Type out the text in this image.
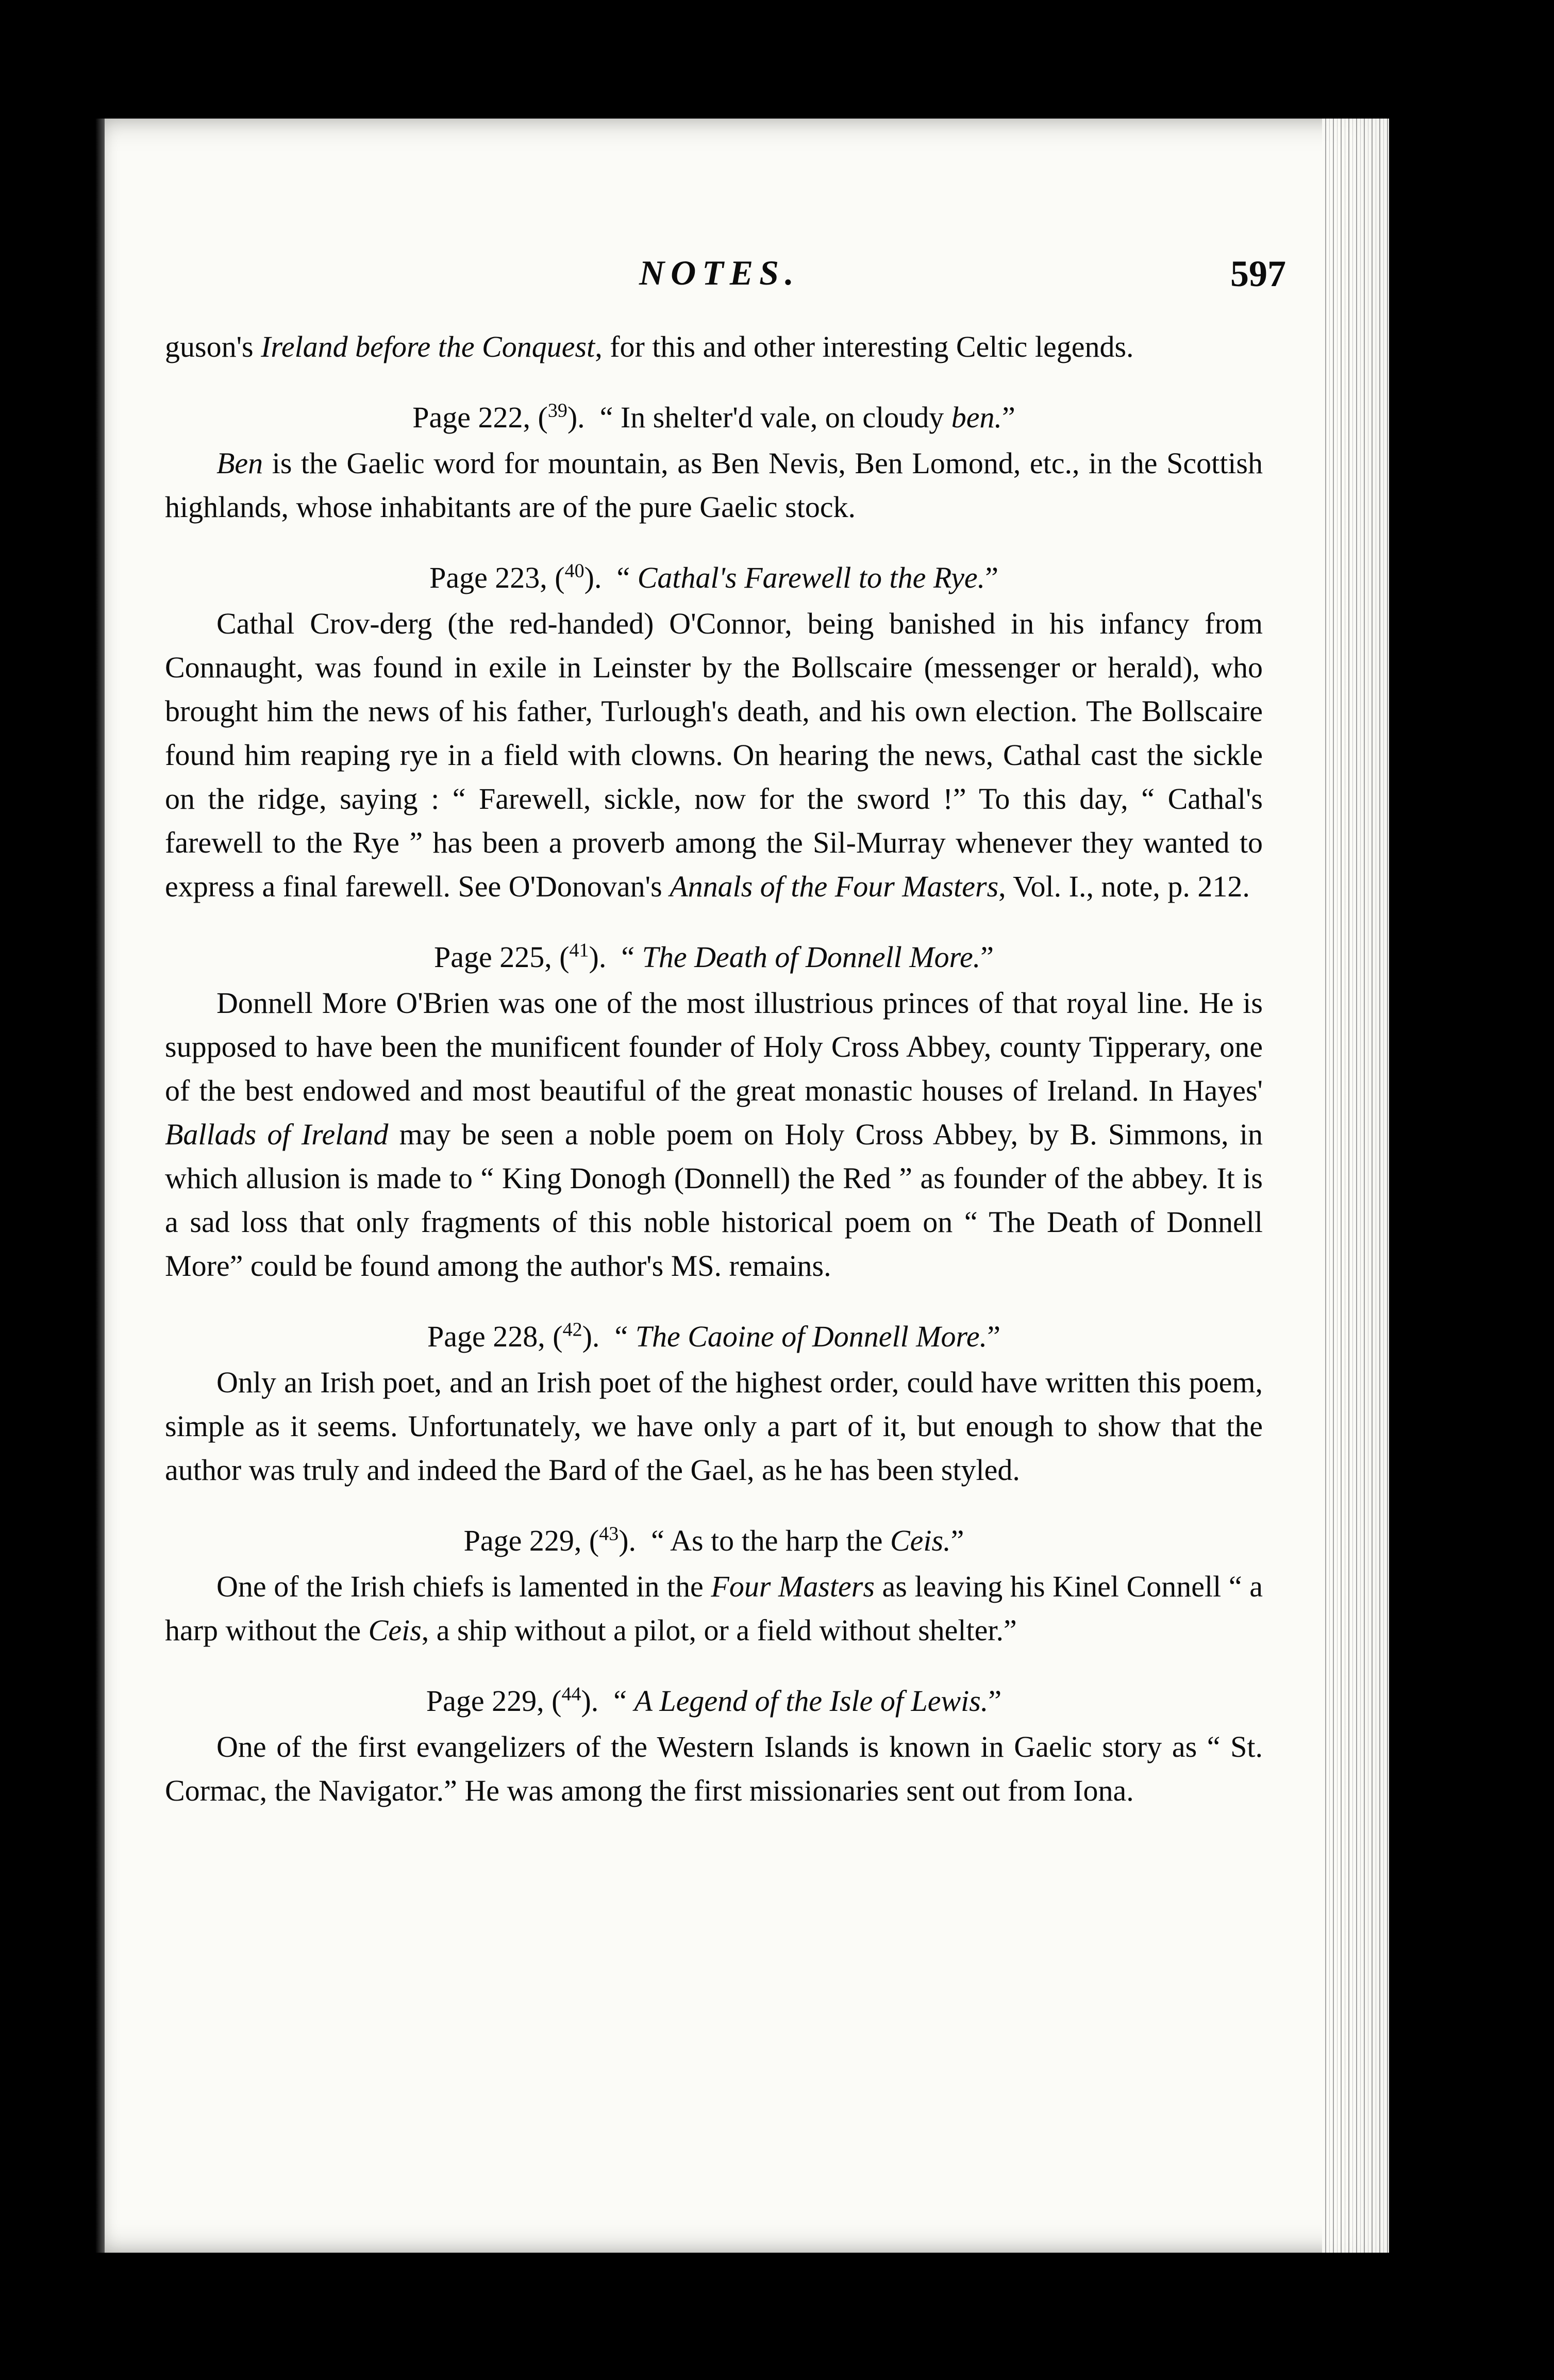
NOTES.	597

guson's Ireland before the Conquest, for this and other interesting Celtic legends.

Page 222, ($^{39}$). “ In shelter'd vale, on cloudy ben.”

Ben is the Gaelic word for mountain, as Ben Nevis, Ben Lomond, etc., in the Scottish highlands, whose inhabitants are of the pure Gaelic stock.

Page 223, ($^{40}$). “ Cathal's Farewell to the Rye.”

Cathal Crov-derg (the red-handed) O'Connor, being banished in his infancy from Connaught, was found in exile in Leinster by the Bollscaire (messenger or herald), who brought him the news of his father, Turlough's death, and his own election. The Bollscaire found him reaping rye in a field with clowns. On hearing the news, Cathal cast the sickle on the ridge, saying : “ Farewell, sickle, now for the sword !” To this day, “ Cathal's farewell to the Rye ” has been a proverb among the Sil-Murray whenever they wanted to express a final farewell. See O'Donovan's Annals of the Four Masters, Vol. I., note, p. 212.

Page 225, ($^{41}$). “ The Death of Donnell More.”

Donnell More O'Brien was one of the most illustrious princes of that royal line. He is supposed to have been the munificent founder of Holy Cross Abbey, county Tipperary, one of the best endowed and most beautiful of the great monastic houses of Ireland. In Hayes' Ballads of Ireland may be seen a noble poem on Holy Cross Abbey, by B. Simmons, in which allusion is made to “ King Donogh (Donnell) the Red ” as founder of the abbey. It is a sad loss that only fragments of this noble historical poem on “ The Death of Donnell More” could be found among the author's MS. remains.

Page 228, ($^{42}$). “ The Caoine of Donnell More.”

Only an Irish poet, and an Irish poet of the highest order, could have written this poem, simple as it seems. Unfortunately, we have only a part of it, but enough to show that the author was truly and indeed the Bard of the Gael, as he has been styled.

Page 229, ($^{43}$). “ As to the harp the Ceis.”

One of the Irish chiefs is lamented in the Four Masters as leaving his Kinel Connell “ a harp without the Ceis, a ship without a pilot, or a field without shelter.”

Page 229, ($^{44}$). “ A Legend of the Isle of Lewis.”

One of the first evangelizers of the Western Islands is known in Gaelic story as “ St. Cormac, the Navigator.” He was among the first missionaries sent out from Iona.
